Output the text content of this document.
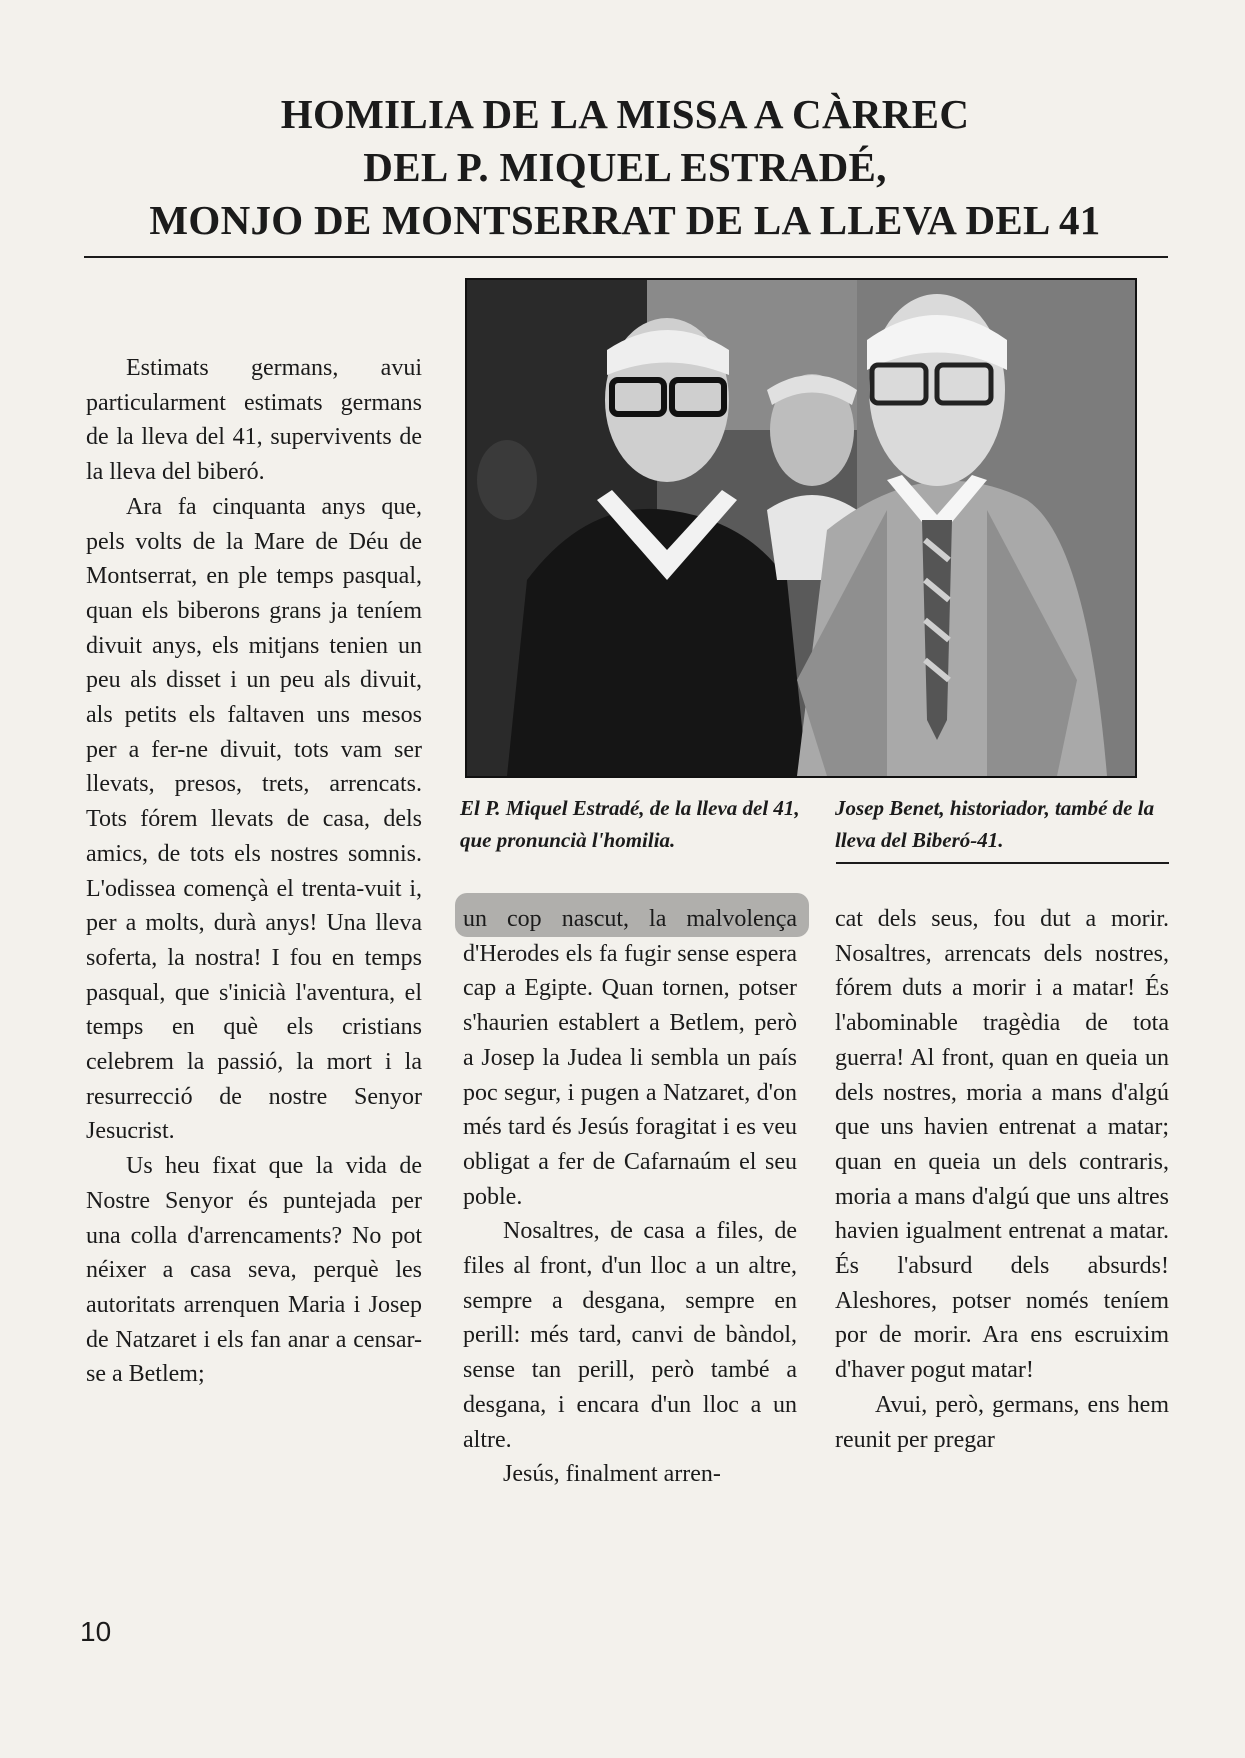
HOMILIA DE LA MISSA A CÀRREC
DEL P. MIQUEL ESTRADÉ,
MONJO DE MONTSERRAT DE LA LLEVA DEL 41
El P. Miquel Estradé, de la lleva del 41, que pronuncià l'homilia.
Josep Benet, historiador, també de la lleva del Biberó-41.

Estimats germans, avui particularment estimats germans de la lleva del 41, supervivents de la lleva del biberó.

Ara fa cinquanta anys que, pels volts de la Mare de Déu de Montserrat, en ple temps pasqual, quan els biberons grans ja teníem divuit anys, els mitjans tenien un peu als disset i un peu als divuit, als petits els faltaven uns mesos per a fer-ne divuit, tots vam ser llevats, presos, trets, arrencats. Tots fórem llevats de casa, dels amics, de tots els nostres somnis. L'odissea començà el trenta-vuit i, per a molts, durà anys! Una lleva soferta, la nostra! I fou en temps pasqual, que s'inicià l'aventura, el temps en què els cristians celebrem la passió, la mort i la resurrecció de nostre Senyor Jesucrist.

Us heu fixat que la vida de Nostre Senyor és puntejada per una colla d'arrencaments? No pot néixer a casa seva, perquè les autoritats arrenquen Maria i Josep de Natzaret i els fan anar a censar-se a Betlem;

un cop nascut, la malvolença d'Herodes els fa fugir sense espera cap a Egipte. Quan tornen, potser s'haurien establert a Betlem, però a Josep la Judea li sembla un país poc segur, i pugen a Natzaret, d'on més tard és Jesús foragitat i es veu obligat a fer de Cafarnaúm el seu poble.

Nosaltres, de casa a files, de files al front, d'un lloc a un altre, sempre a desgana, sempre en perill: més tard, canvi de bàndol, sense tan perill, però també a desgana, i encara d'un lloc a un altre.

Jesús, finalment arren-

cat dels seus, fou dut a morir. Nosaltres, arrencats dels nostres, fórem duts a morir i a matar! És l'abominable tragèdia de tota guerra! Al front, quan en queia un dels nostres, moria a mans d'algú que uns havien entrenat a matar; quan en queia un dels contraris, moria a mans d'algú que uns altres havien igualment entrenat a matar. És l'absurd dels absurds! Aleshores, potser només teníem por de morir. Ara ens escruixim d'haver pogut matar!

Avui, però, germans, ens hem reunit per pregar

10
